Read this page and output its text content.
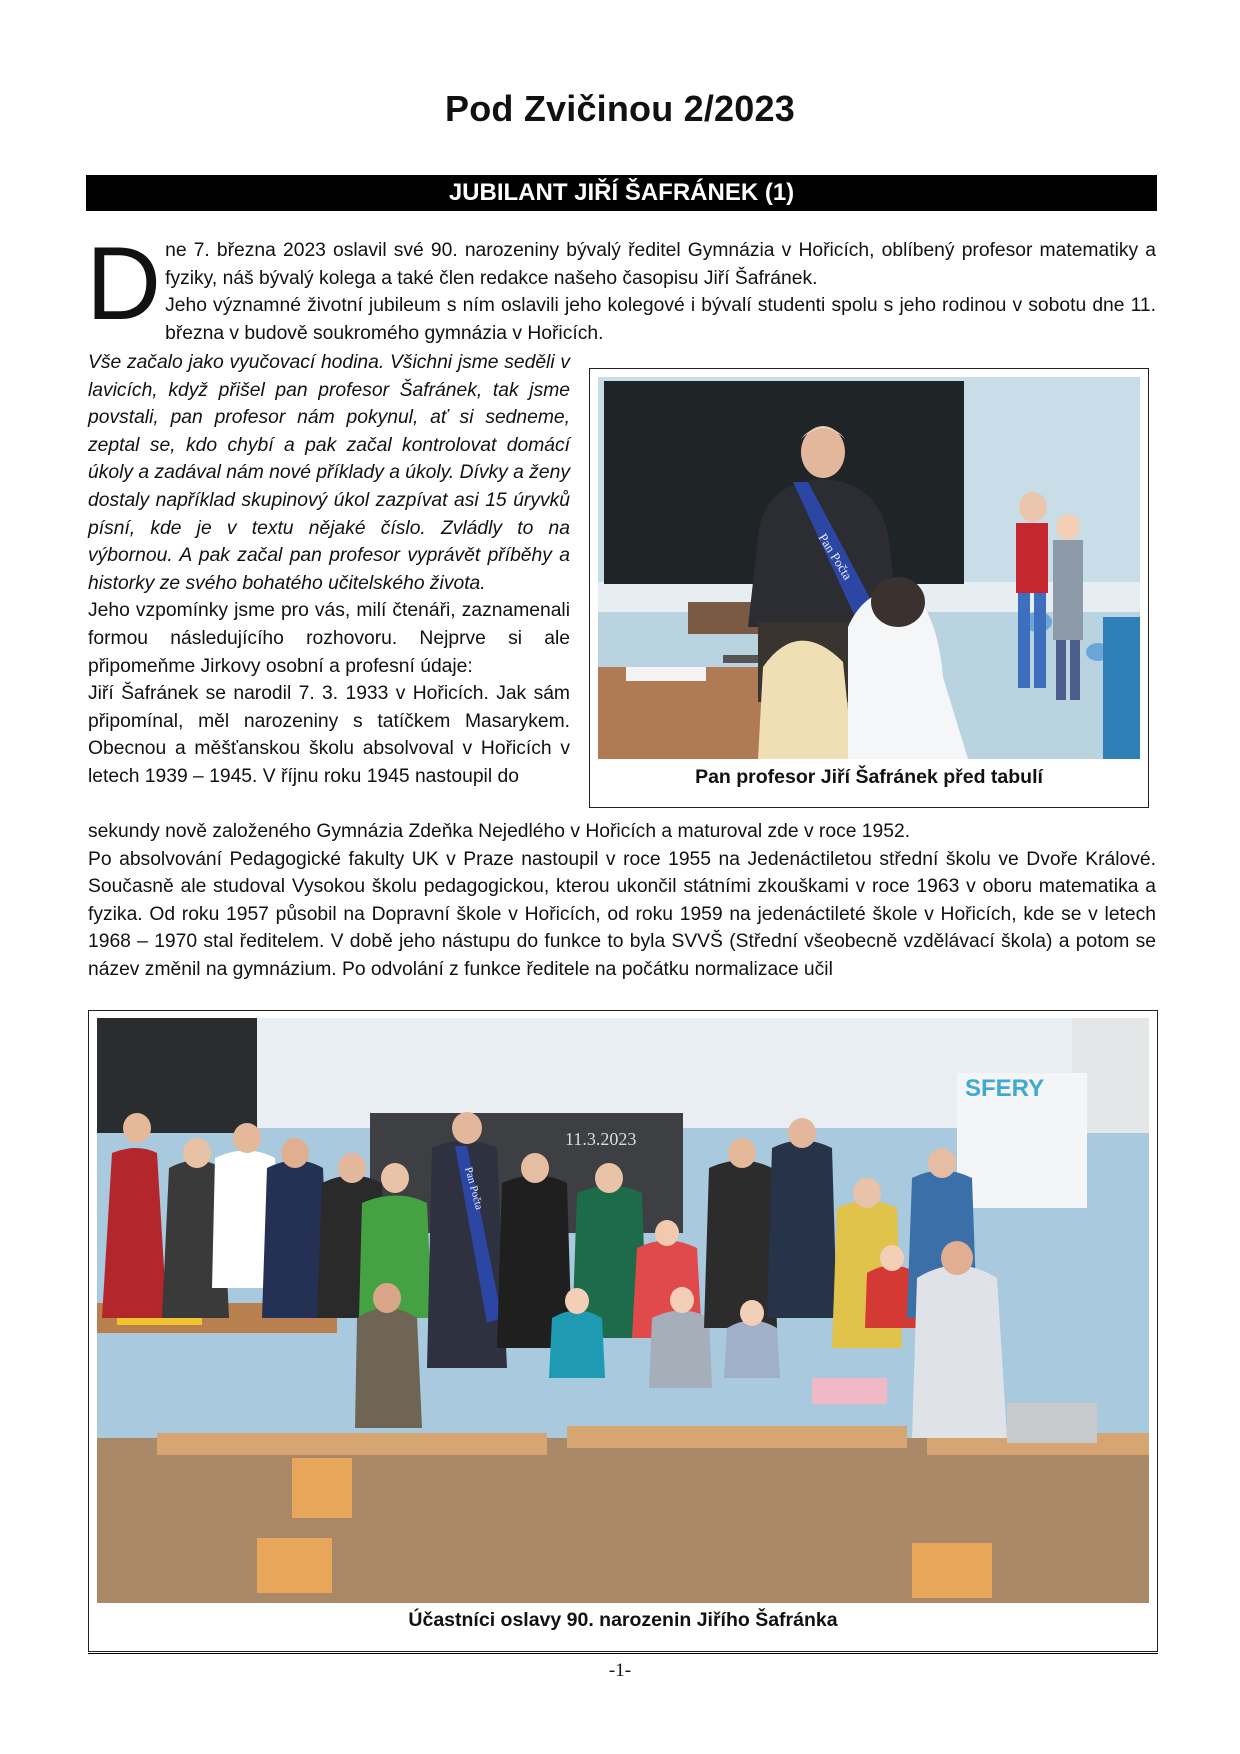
Pod Zvičinou 2/2023
JUBILANT JIŘÍ ŠAFRÁNEK (1)
Dne 7. března 2023 oslavil své 90. narozeniny bývalý ředitel Gymnázia v Hořicích, oblíbený profesor matematiky a fyziky, náš bývalý kolega a také člen redakce našeho časopisu Jiří Šafránek.
Jeho významné životní jubileum s ním oslavili jeho kolegové i bývalí studenti spolu s jeho rodinou v sobotu dne 11. března v budově soukromého gymnázia v Hořicích.

Vše začalo jako vyučovací hodina. Všichni jsme seděli v lavicích, když přišel pan profesor Šafránek, tak jsme povstali, pan profesor nám pokynul, ať si sedneme, zeptal se, kdo chybí a pak začal kontrolovat domácí úkoly a zadával nám nové příklady a úkoly. Dívky a ženy dostaly například skupinový úkol zazpívat asi 15 úryvků písní, kde je v textu nějaké číslo. Zvládly to na výbornou. A pak začal pan profesor vyprávět příběhy a historky ze svého bohatého učitelského života.

Jeho vzpomínky jsme pro vás, milí čtenáři, zaznamenali formou následujícího rozhovoru. Nejprve si ale připomeňme Jirkovy osobní a profesní údaje:

Jiří Šafránek se narodil 7. 3. 1933 v Hořicích. Jak sám připomínal, měl narozeniny s tatíčkem Masarykem. Obecnou a měšťanskou školu absolvoval v Hořicích v letech 1939 – 1945. V říjnu roku 1945 nastoupil do

Pan Počta
Pan profesor Jiří Šafránek před tabulí

sekundy nově založeného Gymnázia Zdeňka Nejedlého v Hořicích a maturoval zde v roce 1952.

Po absolvování Pedagogické fakulty UK v Praze nastoupil v roce 1955 na Jedenáctiletou střední školu ve Dvoře Králové. Současně ale studoval Vysokou školu pedagogickou, kterou ukončil státními zkouškami v roce 1963 v oboru matematika a fyzika. Od roku 1957 působil na Dopravní škole v Hořicích, od roku 1959 na jedenáctileté škole v Hořicích, kde se v letech 1968 – 1970 stal ředitelem. V době jeho nástupu do funkce to byla SVVŠ (Střední všeobecně vzdělávací škola) a potom se název změnil na gymnázium. Po odvolání z funkce ředitele na počátku normalizace učil

11.3.2023
SFERY
Pan Počta
Účastníci oslavy 90. narozenin Jiřího Šafránka
-1-
